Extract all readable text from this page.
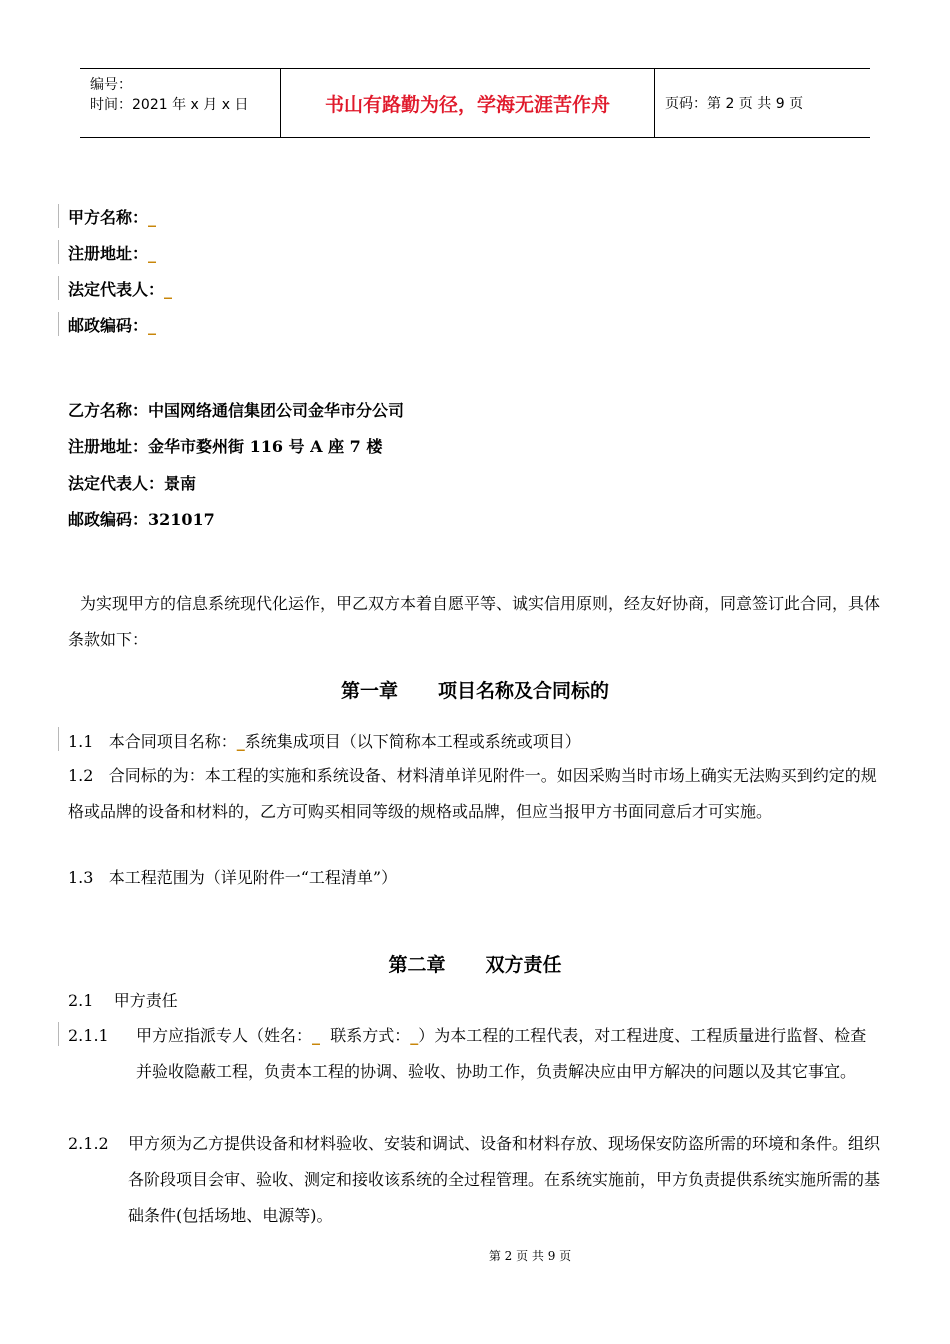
编号：
时间：2021 年 x 月 x 日	书山有路勤为径，学海无涯苦作舟	页码：第 2 页 共 9 页
甲方名称：_
注册地址：_
法定代表人：_
邮政编码：_
乙方名称：中国网络通信集团公司金华市分公司
注册地址：金华市婺州街 116 号 A 座 7 楼
法定代表人：景南
邮政编码：321017
为实现甲方的信息系统现代化运作，甲乙双方本着自愿平等、诚实信用原则，经友好协商，同意签订此合同，具体条款如下：
第一章 项目名称及合同标的
1.1 本合同项目名称：_系统集成项目（以下简称本工程或系统或项目）
1.2 合同标的为：本工程的实施和系统设备、材料清单详见附件一。如因采购当时市场上确实无法购买到约定的规格或品牌的设备和材料的，乙方可购买相同等级的规格或品牌，但应当报甲方书面同意后才可实施。
1.3 本工程范围为（详见附件一“工程清单”）
第二章 双方责任
2.1    甲方责任
2.1.1	甲方应指派专人（姓名：_ 联系方式：_）为本工程的工程代表，对工程进度、工程质量进行监督、检查并验收隐蔽工程，负责本工程的协调、验收、协助工作，负责解决应由甲方解决的问题以及其它事宜。
2.1.2	甲方须为乙方提供设备和材料验收、安装和调试、设备和材料存放、现场保安防盗所需的环境和条件。组织各阶段项目会审、验收、测定和接收该系统的全过程管理。在系统实施前，甲方负责提供系统实施所需的基础条件(包括场地、电源等)。
第 2 页 共 9 页
